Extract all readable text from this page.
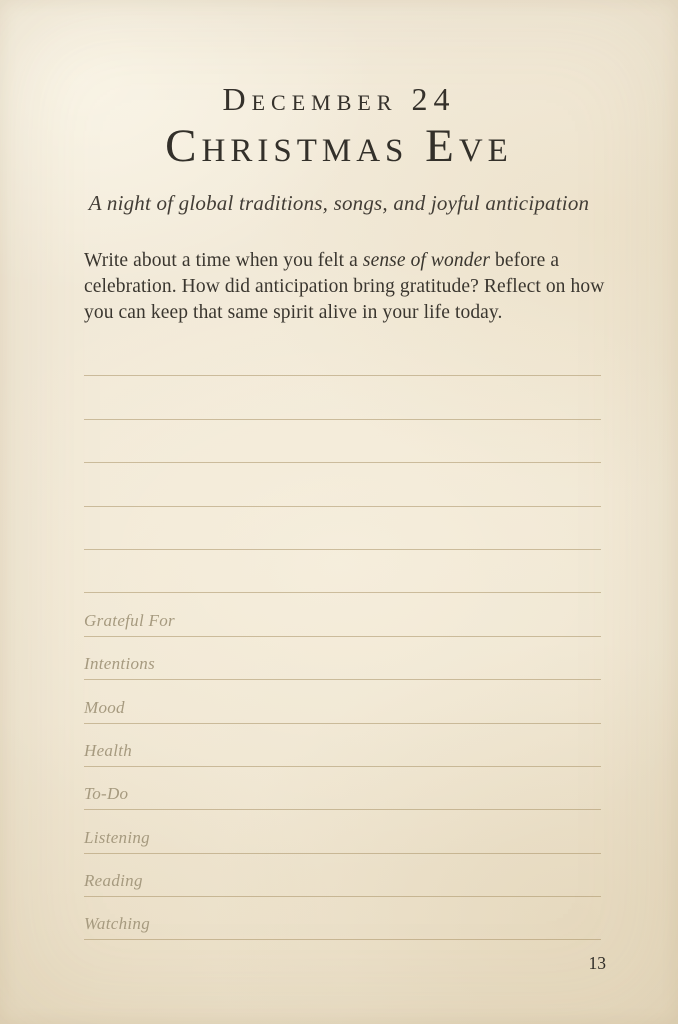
December 24
Christmas Eve
A night of global traditions, songs, and joyful anticipation

Write about a time when you felt a sense of wonder before a celebration. How did anticipation bring gratitude? Reflect on how you can keep that same spirit alive in your life today.

Grateful For
Intentions
Mood
Health
To-Do
Listening
Reading
Watching
13
